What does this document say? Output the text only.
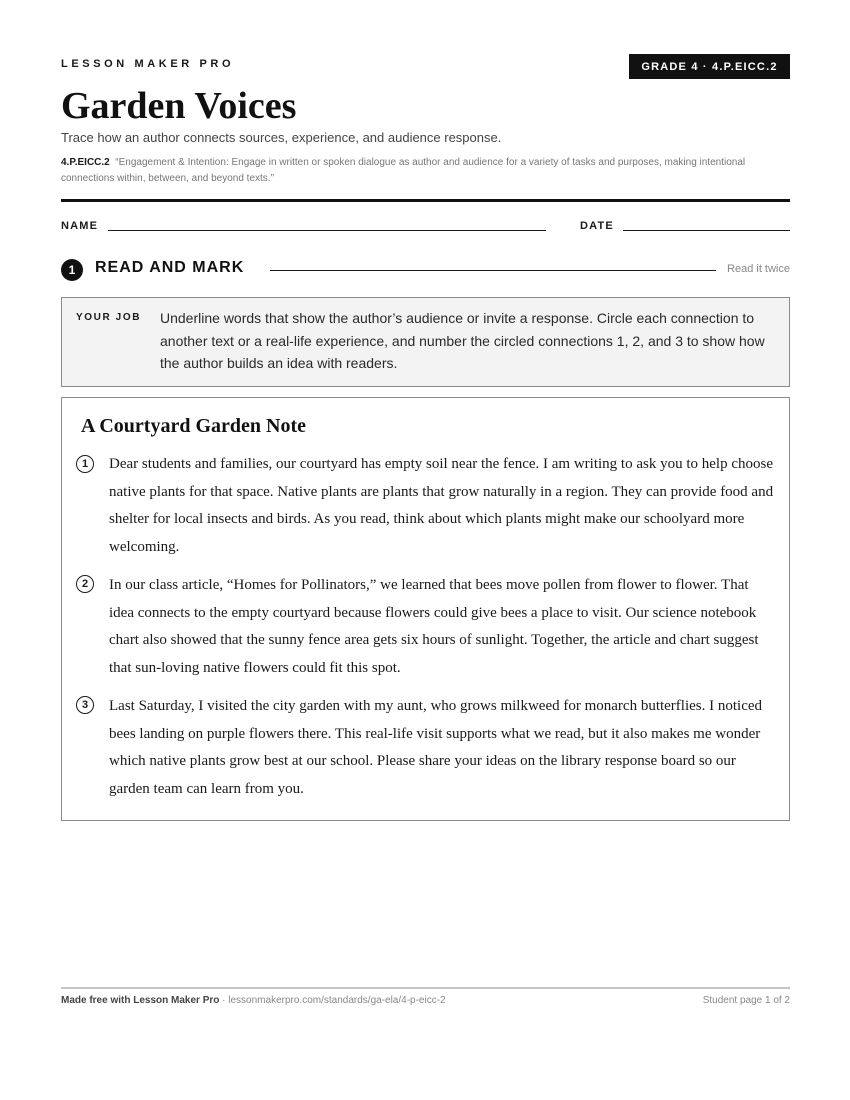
LESSON MAKER PRO	GRADE 4 · 4.P.EICC.2
Garden Voices
Trace how an author connects sources, experience, and audience response.
4.P.EICC.2 “Engagement & Intention: Engage in written or spoken dialogue as author and audience for a variety of tasks and purposes, making intentional connections within, between, and beyond texts.”
NAME	DATE
1	READ AND MARK	Read it twice
YOUR JOB Underline words that show the author’s audience or invite a response. Circle each connection to another text or a real-life experience, and number the circled connections 1, 2, and 3 to show how the author builds an idea with readers.
A Courtyard Garden Note
1	Dear students and families, our courtyard has empty soil near the fence. I am writing to ask you to help choose native plants for that space. Native plants are plants that grow naturally in a region. They can provide food and shelter for local insects and birds. As you read, think about which plants might make our schoolyard more welcoming.
2	In our class article, “Homes for Pollinators,” we learned that bees move pollen from flower to flower. That idea connects to the empty courtyard because flowers could give bees a place to visit. Our science notebook chart also showed that the sunny fence area gets six hours of sunlight. Together, the article and chart suggest that sun-loving native flowers could fit this spot.
3	Last Saturday, I visited the city garden with my aunt, who grows milkweed for monarch butterflies. I noticed bees landing on purple flowers there. This real-life visit supports what we read, but it also makes me wonder which native plants grow best at our school. Please share your ideas on the library response board so our garden team can learn from you.
Made free with Lesson Maker Pro · lessonmakerpro.com/standards/ga-ela/4-p-eicc-2	Student page 1 of 2
